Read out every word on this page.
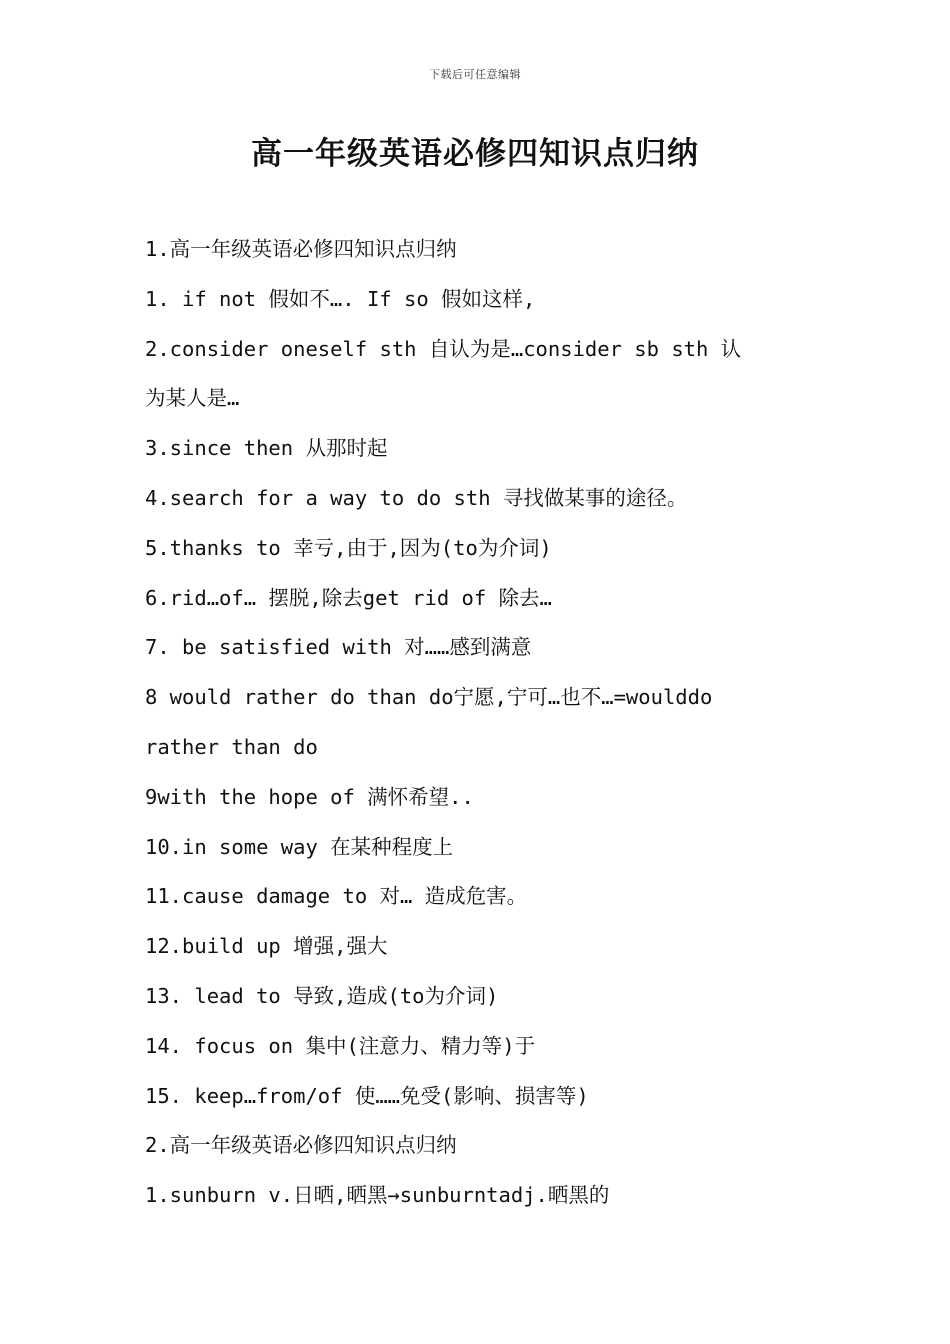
下载后可任意编辑
高一年级英语必修四知识点归纳
1.高一年级英语必修四知识点归纳
1. if not 假如不…. If so 假如这样,
2.consider oneself sth 自认为是…consider sb sth 认
为某人是…
3.since then 从那时起
4.search for a way to do sth 寻找做某事的途径。
5.thanks to 幸亏,由于,因为(to为介词)
6.rid…of… 摆脱,除去get rid of 除去…
7. be satisfied with 对……感到满意
8 would rather do than do宁愿,宁可…也不…=woulddo
rather than do
9with the hope of 满怀希望..
10.in some way 在某种程度上
11.cause damage to 对… 造成危害。
12.build up 增强,强大
13. lead to 导致,造成(to为介词)
14. focus on 集中(注意力、精力等)于
15. keep…from/of 使……免受(影响、损害等)
2.高一年级英语必修四知识点归纳
1.sunburn v.日晒,晒黑→sunburntadj.晒黑的
